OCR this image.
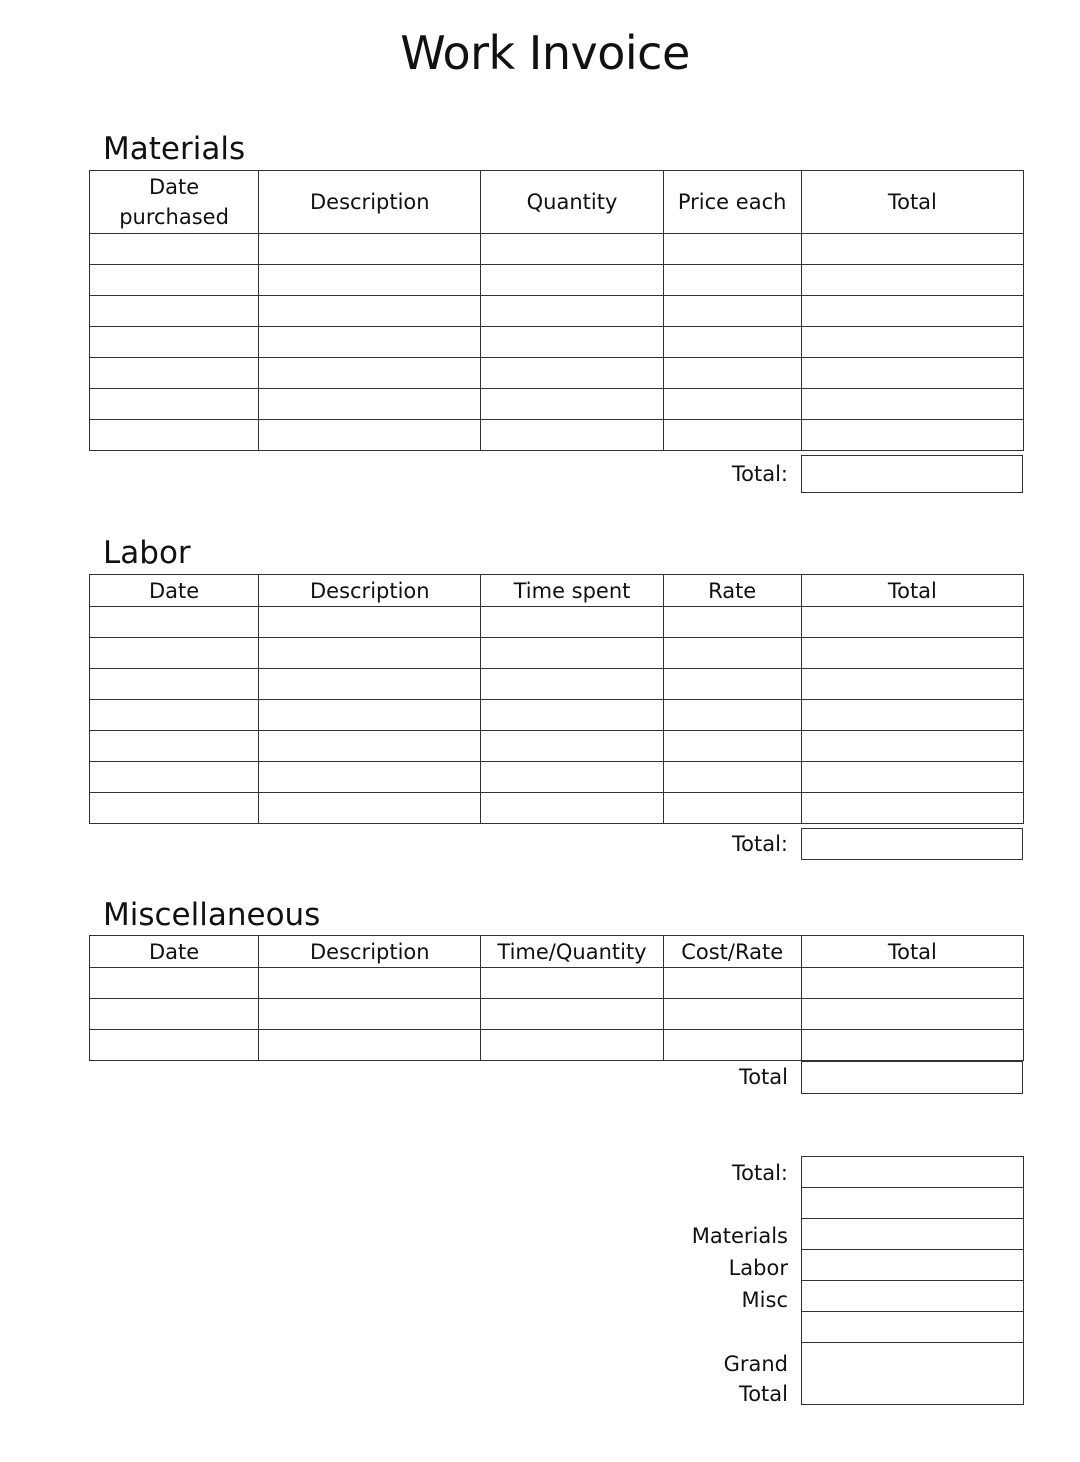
Work Invoice
Materials
Date purchased	Description	Quantity	Price each	Total

Total:
Labor
Date	Description	Time spent	Rate	Total

Total:
Miscellaneous
Date	Description	Time/Quantity	Cost/Rate	Total

Total
Total:
Materials
Labor
Misc
Grand
Total
